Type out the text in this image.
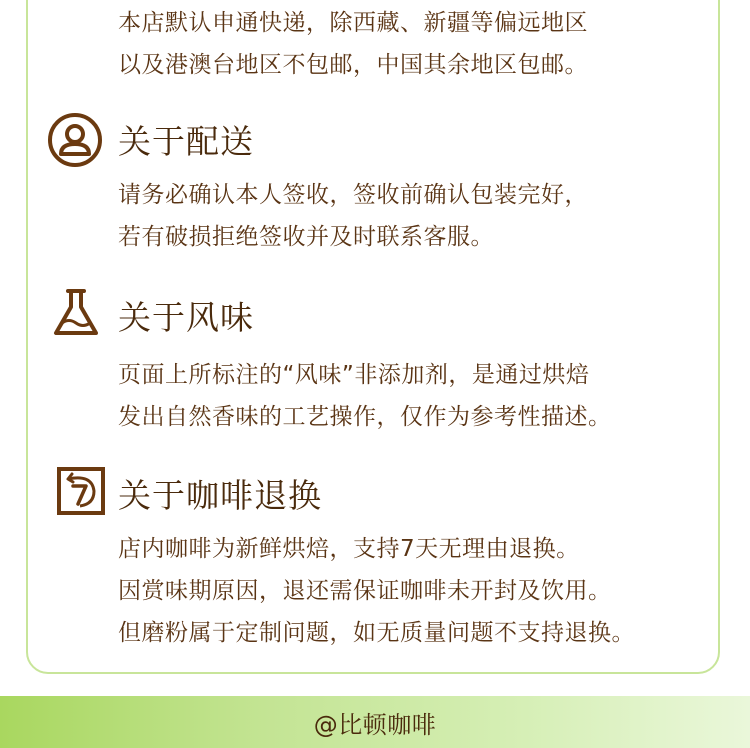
本店默认申通快递，除西藏、新疆等偏远地区

以及港澳台地区不包邮，中国其余地区包邮。

关于配送

请务必确认本人签收，签收前确认包装完好，

若有破损拒绝签收并及时联系客服。

关于风味

页面上所标注的“风味”非添加剂，是通过烘焙

发出自然香味的工艺操作，仅作为参考性描述。

关于咖啡退换

店内咖啡为新鲜烘焙，支持7天无理由退换。

因赏味期原因，退还需保证咖啡未开封及饮用。

但磨粉属于定制问题，如无质量问题不支持退换。

@比顿咖啡
